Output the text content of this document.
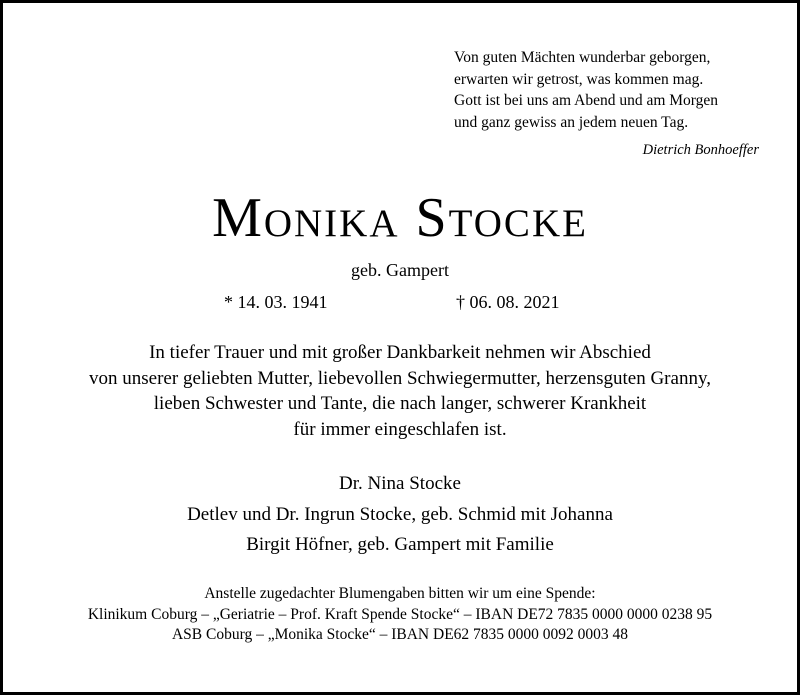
Von guten Mächten wunderbar geborgen,
erwarten wir getrost, was kommen mag.
Gott ist bei uns am Abend und am Morgen
und ganz gewiss an jedem neuen Tag.
Dietrich Bonhoeffer
Monika Stocke
geb. Gampert
* 14. 03. 1941	† 06. 08. 2021
In tiefer Trauer und mit großer Dankbarkeit nehmen wir Abschied
von unserer geliebten Mutter, liebevollen Schwiegermutter, herzensguten Granny,
lieben Schwester und Tante, die nach langer, schwerer Krankheit
für immer eingeschlafen ist.
Dr. Nina Stocke
Detlev und Dr. Ingrun Stocke, geb. Schmid mit Johanna
Birgit Höfner, geb. Gampert mit Familie
Anstelle zugedachter Blumengaben bitten wir um eine Spende:
Klinikum Coburg – „Geriatrie – Prof. Kraft Spende Stocke“ – IBAN DE72 7835 0000 0000 0238 95
ASB Coburg – „Monika Stocke“ – IBAN DE62 7835 0000 0092 0003 48
